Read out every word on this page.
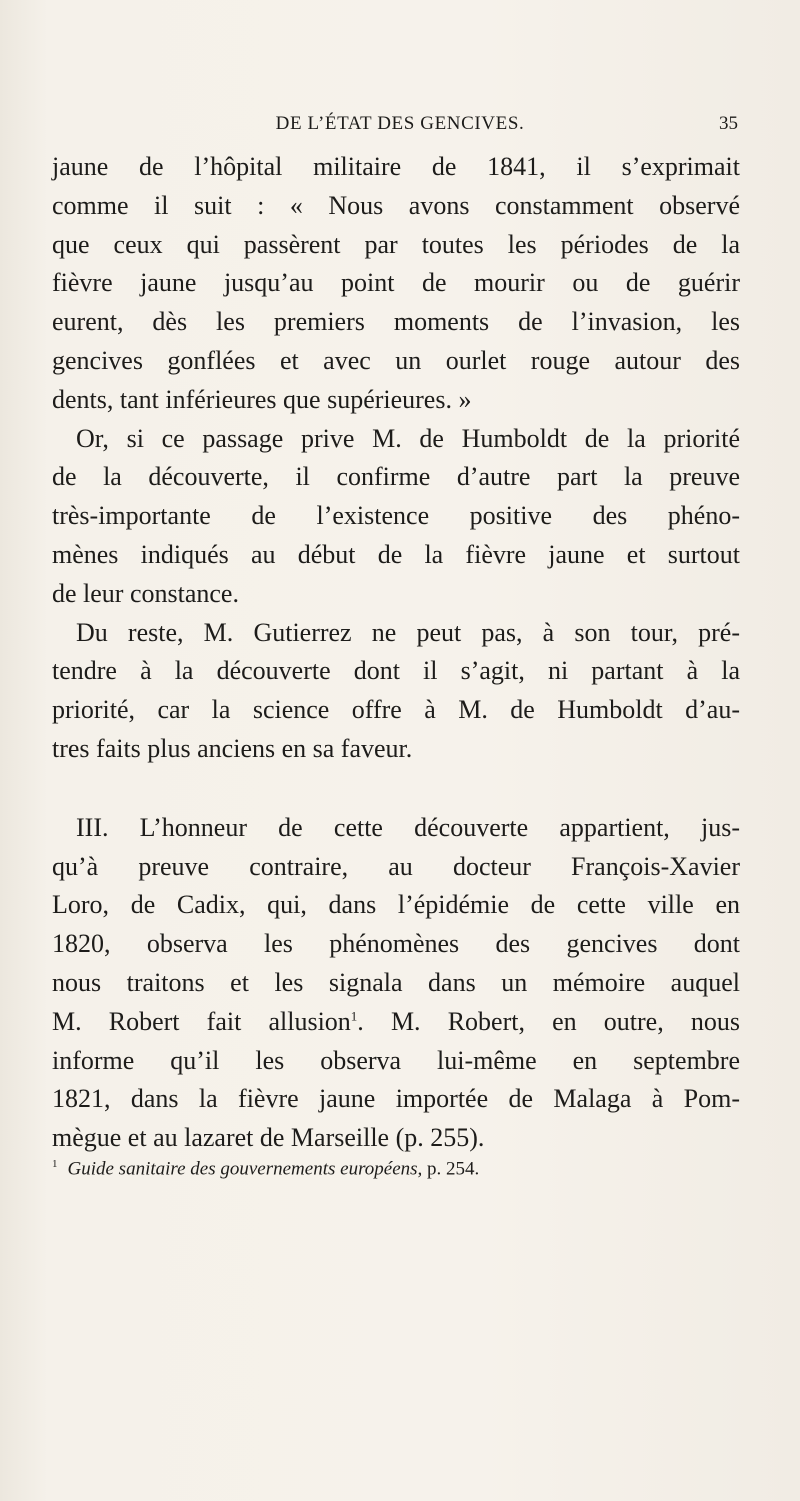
DE L’ÉTAT DES GENCIVES.	35
jaune de l’hôpital militaire de 1841, il s’exprimait
comme il suit : « Nous avons constamment observé
que ceux qui passèrent par toutes les périodes de la
fièvre jaune jusqu’au point de mourir ou de guérir
eurent, dès les premiers moments de l’invasion, les
gencives gonflées et avec un ourlet rouge autour des
dents, tant inférieures que supérieures. »
Or, si ce passage prive M. de Humboldt de la priorité
de la découverte, il confirme d’autre part la preuve
très-importante de l’existence positive des phéno-
mènes indiqués au début de la fièvre jaune et surtout
de leur constance.
Du reste, M. Gutierrez ne peut pas, à son tour, pré-
tendre à la découverte dont il s’agit, ni partant à la
priorité, car la science offre à M. de Humboldt d’au-
tres faits plus anciens en sa faveur.
III. L’honneur de cette découverte appartient, jus-
qu’à preuve contraire, au docteur François-Xavier
Loro, de Cadix, qui, dans l’épidémie de cette ville en
1820, observa les phénomènes des gencives dont
nous traitons et les signala dans un mémoire auquel
M. Robert fait allusion$^1$. M. Robert, en outre, nous
informe qu’il les observa lui-même en septembre
1821, dans la fièvre jaune importée de Malaga à Pom-
mègue et au lazaret de Marseille (p. 255).
$^1$ Guide sanitaire des gouvernements européens, p. 254.
